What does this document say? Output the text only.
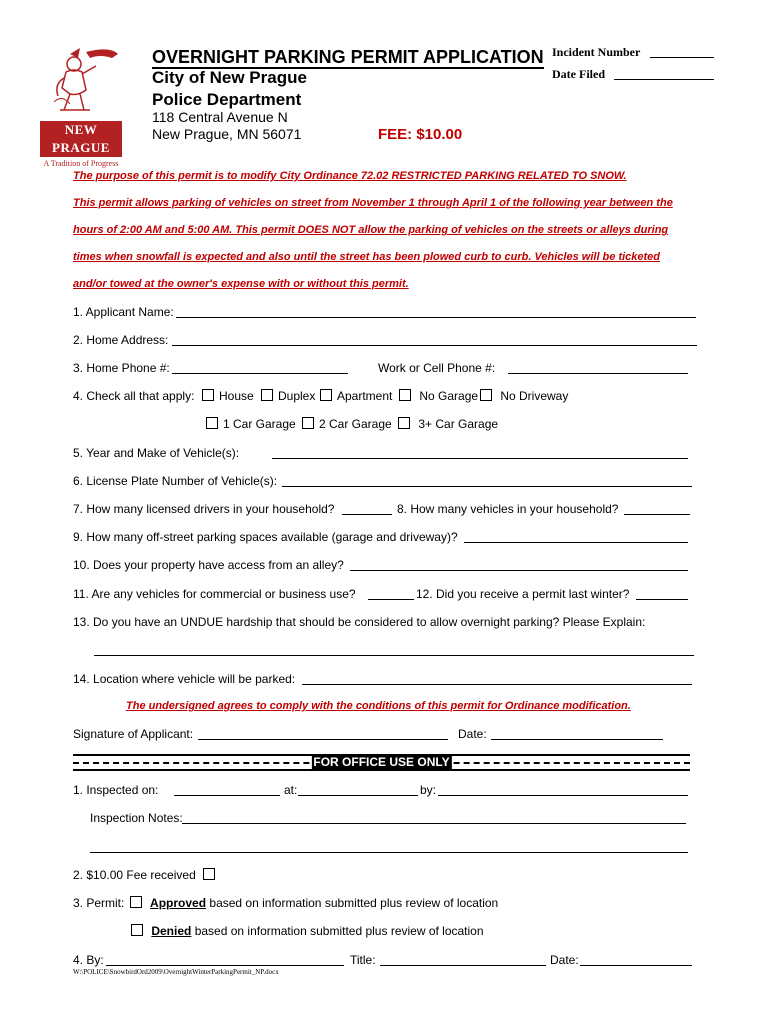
NEW PRAGUE
A Tradition of Progress
OVERNIGHT PARKING PERMIT APPLICATION
City of New Prague
Police Department
118 Central Avenue N
New Prague, MN 56071	FEE: $10.00
Incident Number
Date Filed
The purpose of this permit is to modify City Ordinance 72.02 RESTRICTED PARKING RELATED TO SNOW.
This permit allows parking of vehicles on street from November 1 through April 1 of the following year between the
hours of 2:00 AM and 5:00 AM. This permit DOES NOT allow the parking of vehicles on the streets or alleys during
times when snowfall is expected and also until the street has been plowed curb to curb. Vehicles will be ticketed
and/or towed at the owner's expense with or without this permit.
1. Applicant Name:
2. Home Address:
3. Home Phone #:	Work or Cell Phone #:
4. Check all that apply:	House	Duplex	Apartment	No Garage	No Driveway
1 Car Garage	2 Car Garage	3+ Car Garage
5. Year and Make of Vehicle(s):
6. License Plate Number of Vehicle(s):
7. How many licensed drivers in your household?	8. How many vehicles in your household?
9. How many off-street parking spaces available (garage and driveway)?
10. Does your property have access from an alley?
11. Are any vehicles for commercial or business use?	12. Did you receive a permit last winter?
13. Do you have an UNDUE hardship that should be considered to allow overnight parking? Please Explain:
14. Location where vehicle will be parked:
The undersigned agrees to comply with the conditions of this permit for Ordinance modification.
Signature of Applicant:	Date:
FOR OFFICE USE ONLY
1. Inspected on:	at:	by:
Inspection Notes:
2. $10.00 Fee received
3. Permit: Approved based on information submitted plus review of location
Denied based on information submitted plus review of location
4. By:	Title:	Date:
W:\POLICE\SnowbirdOrd2009\OvernightWinterParkingPermit_NP.docx
